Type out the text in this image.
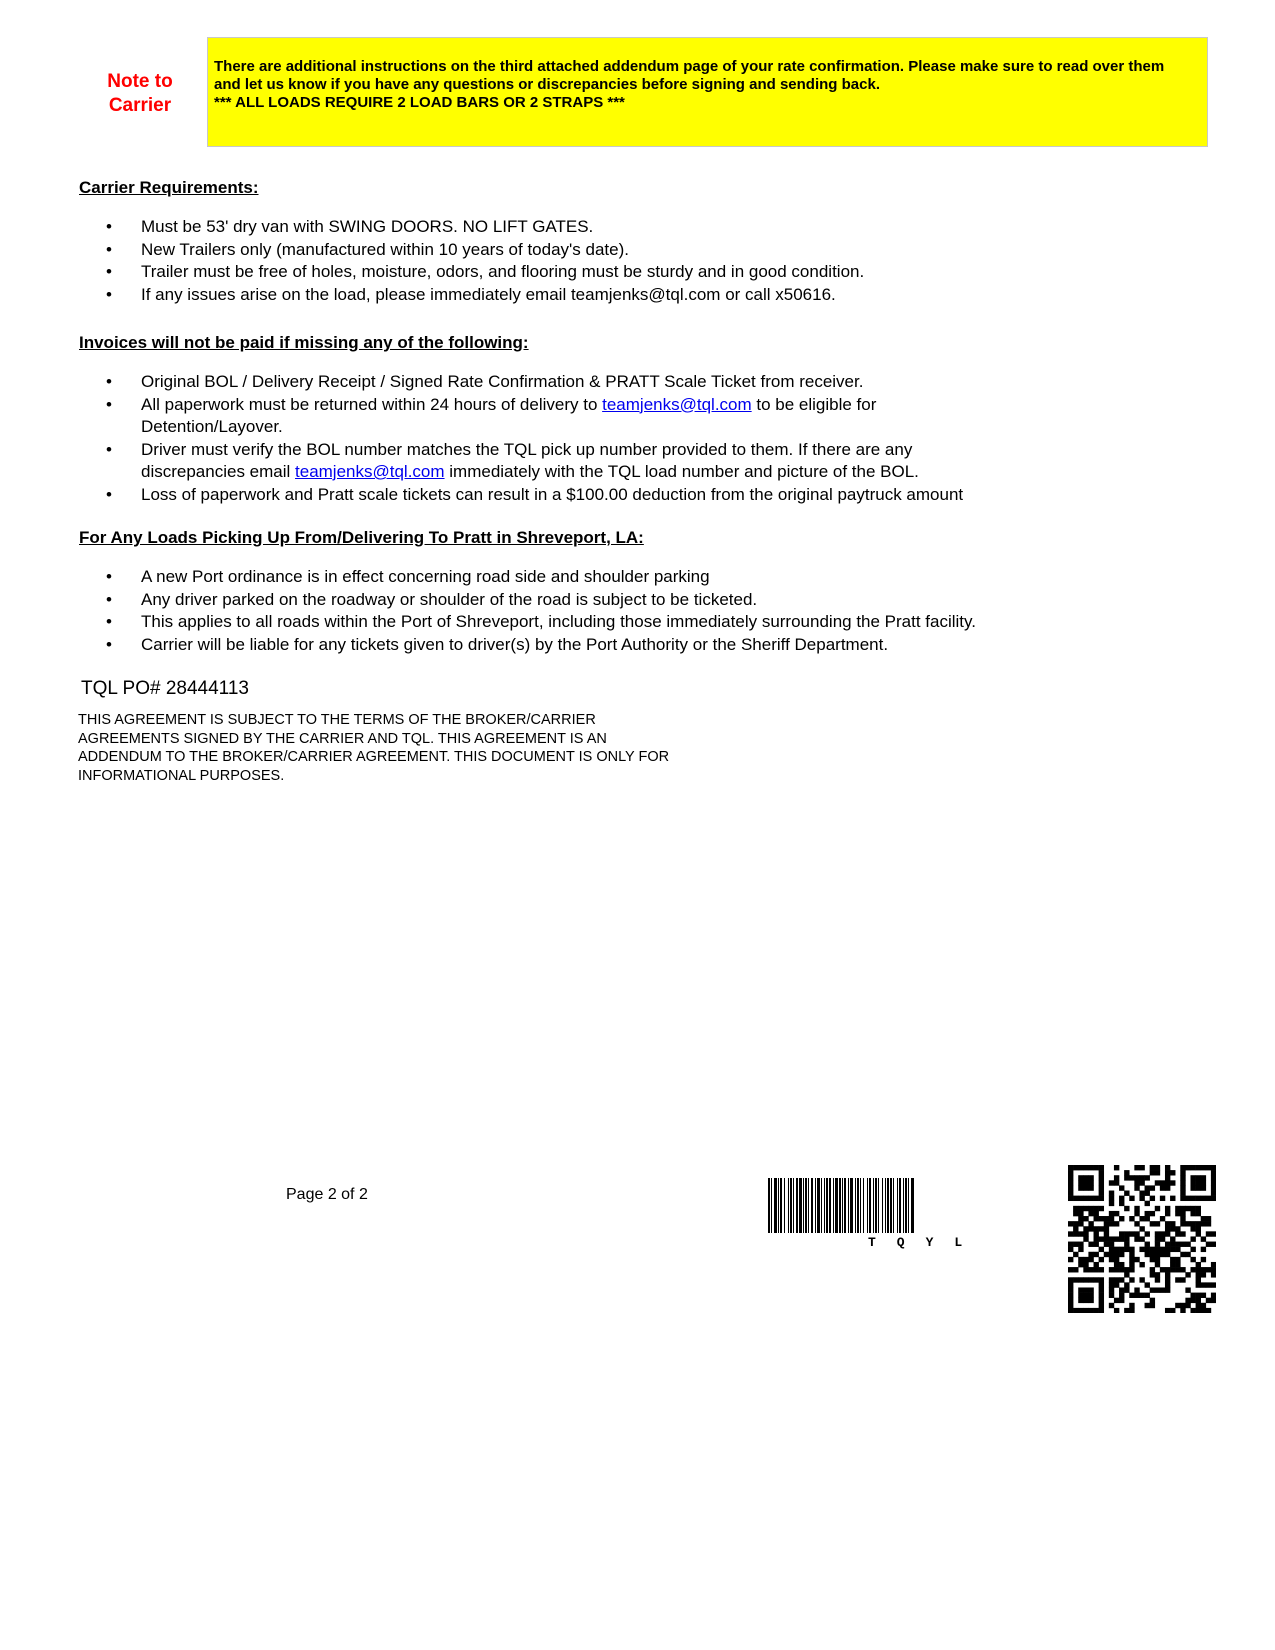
Note to
Carrier
There are additional instructions on the third attached addendum page of your rate confirmation. Please make sure to read over them
and let us know if you have any questions or discrepancies before signing and sending back.
*** ALL LOADS REQUIRE 2 LOAD BARS OR 2 STRAPS ***
Carrier Requirements:
• Must be 53' dry van with SWING DOORS. NO LIFT GATES.
• New Trailers only (manufactured within 10 years of today's date).
• Trailer must be free of holes, moisture, odors, and flooring must be sturdy and in good condition.
• If any issues arise on the load, please immediately email teamjenks@tql.com or call x50616.
Invoices will not be paid if missing any of the following:
• Original BOL / Delivery Receipt / Signed Rate Confirmation & PRATT Scale Ticket from receiver.
• All paperwork must be returned within 24 hours of delivery to teamjenks@tql.com to be eligible for
Detention/Layover.
• Driver must verify the BOL number matches the TQL pick up number provided to them. If there are any
discrepancies email teamjenks@tql.com immediately with the TQL load number and picture of the BOL.
• Loss of paperwork and Pratt scale tickets can result in a $100.00 deduction from the original paytruck amount
For Any Loads Picking Up From/Delivering To Pratt in Shreveport, LA:
• A new Port ordinance is in effect concerning road side and shoulder parking
• Any driver parked on the roadway or shoulder of the road is subject to be ticketed.
• This applies to all roads within the Port of Shreveport, including those immediately surrounding the Pratt facility.
• Carrier will be liable for any tickets given to driver(s) by the Port Authority or the Sheriff Department.
TQL PO# 28444113
THIS AGREEMENT IS SUBJECT TO THE TERMS OF THE BROKER/CARRIER
AGREEMENTS SIGNED BY THE CARRIER AND TQL. THIS AGREEMENT IS AN
ADDENDUM TO THE BROKER/CARRIER AGREEMENT. THIS DOCUMENT IS ONLY FOR
INFORMATIONAL PURPOSES.
Page 2 of 2
TQYL
